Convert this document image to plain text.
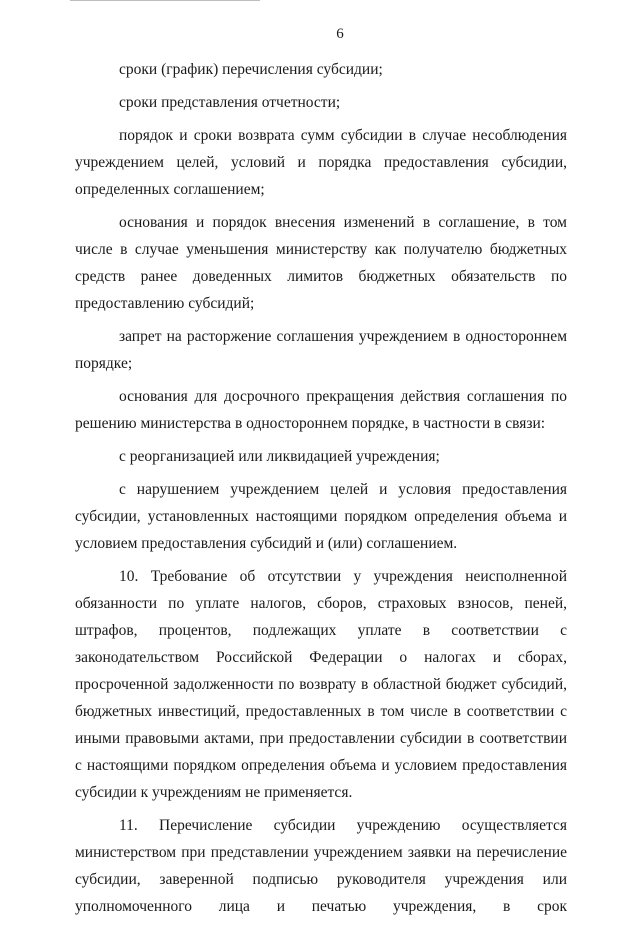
6

сроки (график) перечисления субсидии;

сроки представления отчетности;

порядок и сроки возврата сумм субсидии в случае несоблюдения учреждением целей, условий и порядка предоставления субсидии, определенных соглашением;

основания и порядок внесения изменений в соглашение, в том числе в случае уменьшения министерству как получателю бюджетных средств ранее доведенных лимитов бюджетных обязательств по предоставлению субсидий;

запрет на расторжение соглашения учреждением в одностороннем порядке;

основания для досрочного прекращения действия соглашения по решению министерства в одностороннем порядке, в частности в связи:

с реорганизацией или ликвидацией учреждения;

с нарушением учреждением целей и условия предоставления субсидии, установленных настоящими порядком определения объема и условием предоставления субсидий и (или) соглашением.

10. Требование об отсутствии у учреждения неисполненной обязанности по уплате налогов, сборов, страховых взносов, пеней, штрафов, процентов, подлежащих уплате в соответствии с законодательством Российской Федерации о налогах и сборах, просроченной задолженности по возврату в областной бюджет субсидий, бюджетных инвестиций, предоставленных в том числе в соответствии с иными правовыми актами, при предоставлении субсидии в соответствии с настоящими порядком определения объема и условием предоставления субсидии к учреждениям не применяется.

11. Перечисление субсидии учреждению осуществляется министерством при представлении учреждением заявки на перечисление субсидии, заверенной подписью руководителя учреждения или уполномоченного лица и печатью учреждения, в срок
